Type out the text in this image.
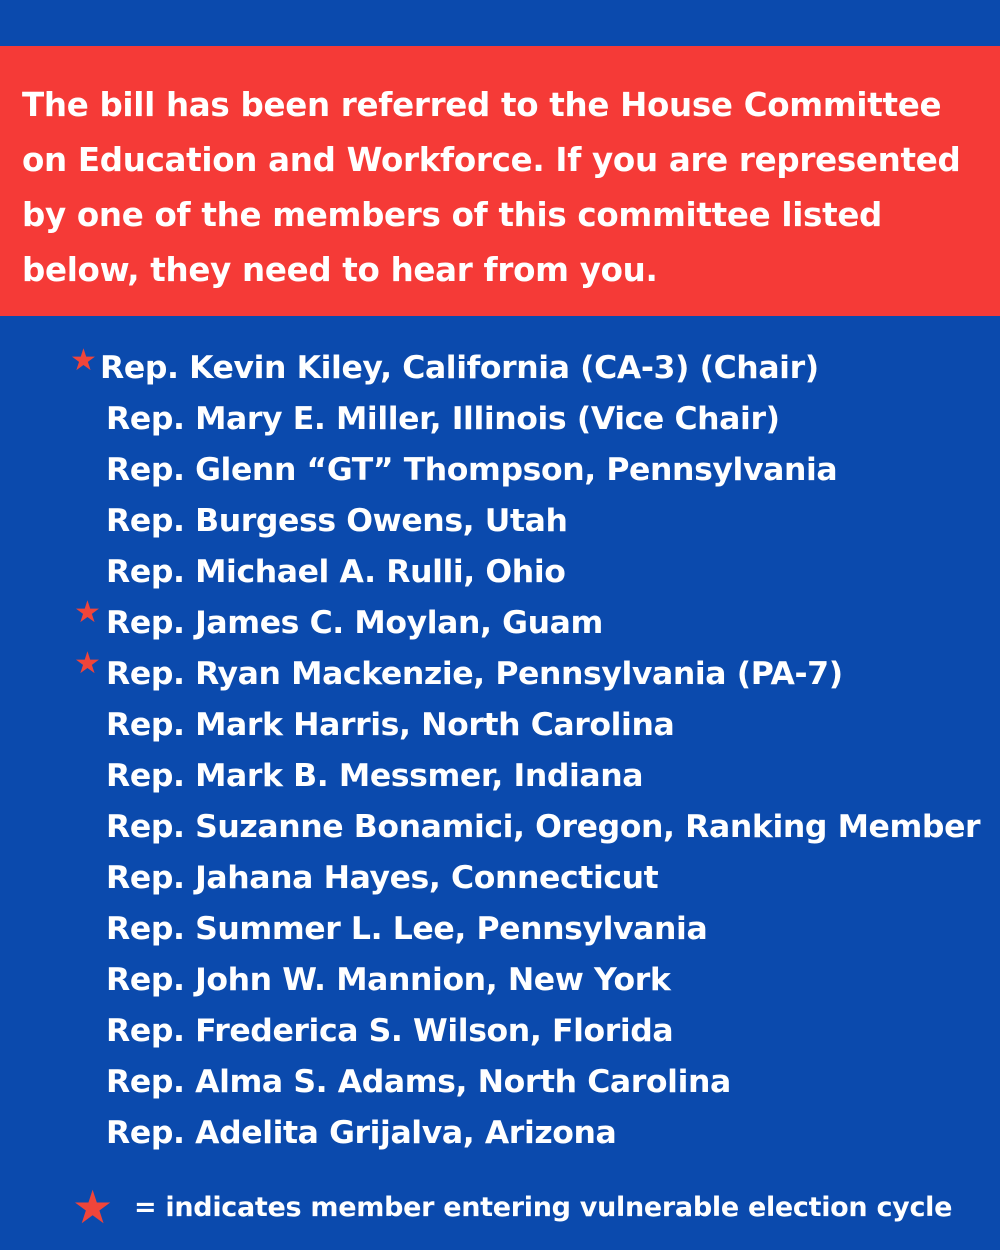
The bill has been referred to the House Committee
on Education and Workforce. If you are represented
by one of the members of this committee listed
below, they need to hear from you.
★ Rep. Kevin Kiley, California (CA-3) (Chair)
Rep. Mary E. Miller, Illinois (Vice Chair)
Rep. Glenn “GT” Thompson, Pennsylvania
Rep. Burgess Owens, Utah
Rep. Michael A. Rulli, Ohio
★ Rep. James C. Moylan, Guam
★ Rep. Ryan Mackenzie, Pennsylvania (PA-7)
Rep. Mark Harris, North Carolina
Rep. Mark B. Messmer, Indiana
Rep. Suzanne Bonamici, Oregon, Ranking Member
Rep. Jahana Hayes, Connecticut
Rep. Summer L. Lee, Pennsylvania
Rep. John W. Mannion, New York
Rep. Frederica S. Wilson, Florida
Rep. Alma S. Adams, North Carolina
Rep. Adelita Grijalva, Arizona
★ = indicates member entering vulnerable election cycle
